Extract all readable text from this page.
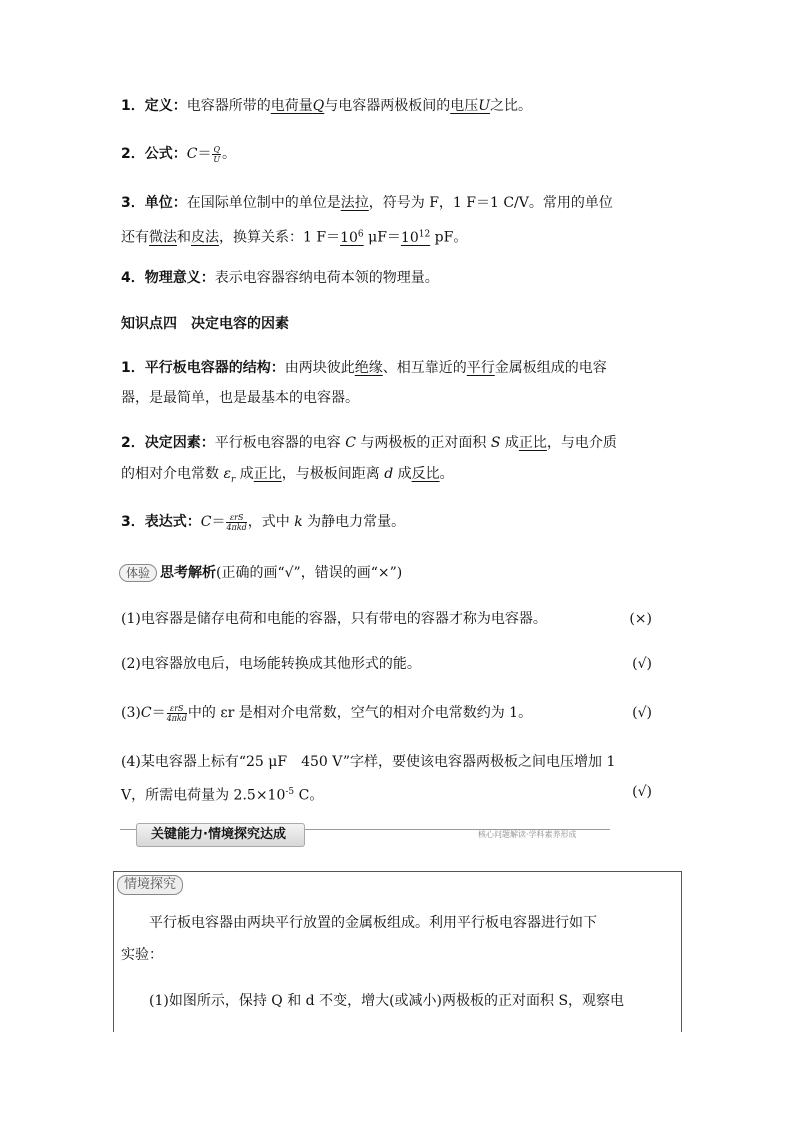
1．定义：电容器所带的电荷量Q与电容器两极板间的电压U之比。
2．公式：$C= \frac{Q}{U}$ 。
3．单位：在国际单位制中的单位是法拉，符号为 F，1 F＝1 C/V。常用的单位
还有微法和皮法，换算关系：1 $F=10^6$ $\mu F=10^{12}$ pF。
4．物理意义：表示电容器容纳电荷本领的物理量。
知识点四　决定电容的因素
1．平行板电容器的结构：由两块彼此绝缘、相互靠近的平行金属板组成的电容
器，是最简单，也是最基本的电容器。
2．决定因素：平行板电容器的电容 C 与两极板的正对面积 S 成正比，与电介质
的相对介电常数 $\varepsilon_r$ 成正比，与极板间距离 d 成反比。
3．表达式：$C= \frac{\text{εrS}}{\text{4πkd}}$ ，式中 k 为静电力常量。
体验 思考解析(正确的画“√”，错误的画“×”)
(1)电容器是储存电荷和电能的容器，只有带电的容器才称为电容器。	(×)
(2)电容器放电后，电场能转换成其他形式的能。	(√)
$(3)C= \frac{\text{εrS}}{\text{4πkd}}$ 中的 εr 是相对介电常数，空气的相对介电常数约为 1。	(√)
(4)某电容器上标有“25 μF　450 V”字样，要使该电容器两极板之间电压增加 1
V，所需电荷量为 $2.5\times 10^{-5}$ C。	(√)
关键能力·情境探究达成	核心问题解读·学科素养形成
情境探究
平行板电容器由两块平行放置的金属板组成。利用平行板电容器进行如下
实验：
(1)如图所示，保持 Q 和 d 不变，增大(或减小)两极板的正对面积 S，观察电
